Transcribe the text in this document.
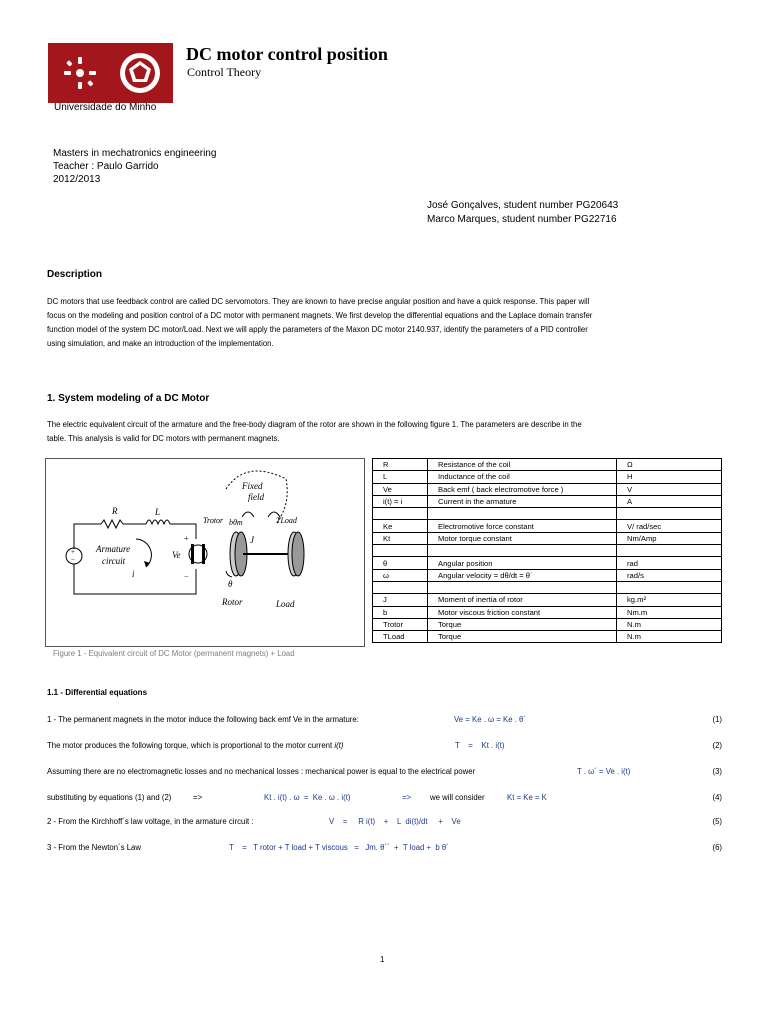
DC motor control position
Control Theory
Universidade do Minho
Masters in mechatronics engineering
Teacher : Paulo Garrido
2012/2013
José Gonçalves, student number PG20643
Marco Marques, student number PG22716
Description
DC motors that use feedback control are called DC servomotors. They are known to have precise angular position and have a quick response. This paper will
focus on the modeling and position control of a DC motor with permanent magnets. We first develop the differential equations and the Laplace domain transfer
function model of the system DC motor/Load. Next we will apply the parameters of the Maxon DC motor 2140.937, identify the parameters of a PID controller
using simulation, and make an introduction of the implementation.
1. System modeling of a DC Motor
The electric equivalent circuit of the armature and the free-body diagram of the rotor are shown in the following figure 1. The parameters are describe in the
table. This analysis is valid for DC motors with permanent magnets.
+
−
Fixed
field
R	L
Armature
circuit
i
Ve
+
−
Trotor bθm	TLoad
J
θ
Rotor	Load
R	Resistance of the coil	Ω
L	Inductance of the coil	H
Ve	Back emf ( back electromotive force )	V
i(t) = i	Current in the armature	A

Ke	Electromotive force constant	V/ rad/sec
Kt	Motor torque constant	Nm/Amp

θ	Angular position	rad
ω	Angular velocity = dθ/dt = θ´	rad/s

J	Moment of inertia of rotor	kg.m²
b	Motor viscous friction constant	Nm.m
Trotor	Torque	N.m
TLoad	Torque	N.m
Figure 1 - Equivalent circuit of DC Motor (permanent magnets) + Load
1.1 - Differential equations
1 - The permanent magnets in the motor induce the following back emf Ve in the armature:	Ve = Ke . ω = Ke . θ´	(1)
The motor produces the following torque, which is proportional to the motor current i(t)	T    =    Kt . i(t)	(2)
Assuming there are no electromagnetic losses and no mechanical losses : mechanical power is equal to the electrical power	T . ω´ = Ve . i(t)	(3)
substituting by equations (1) and (2)          =>	Kt . i(t) . ω  =  Ke . ω . i(t)	=> we will consider	Kt = Ke = K	(4)
2 - From the Kirchhoff´s law voltage, in the armature circuit :	V    =     R i(t)    +    L  di(t)/dt     +    Ve	(5)
3 - From the Newton´s Law	T    =   T rotor + T load + T viscous   =   Jm. θ´´  +  T load +  b θ´	(6)
1
